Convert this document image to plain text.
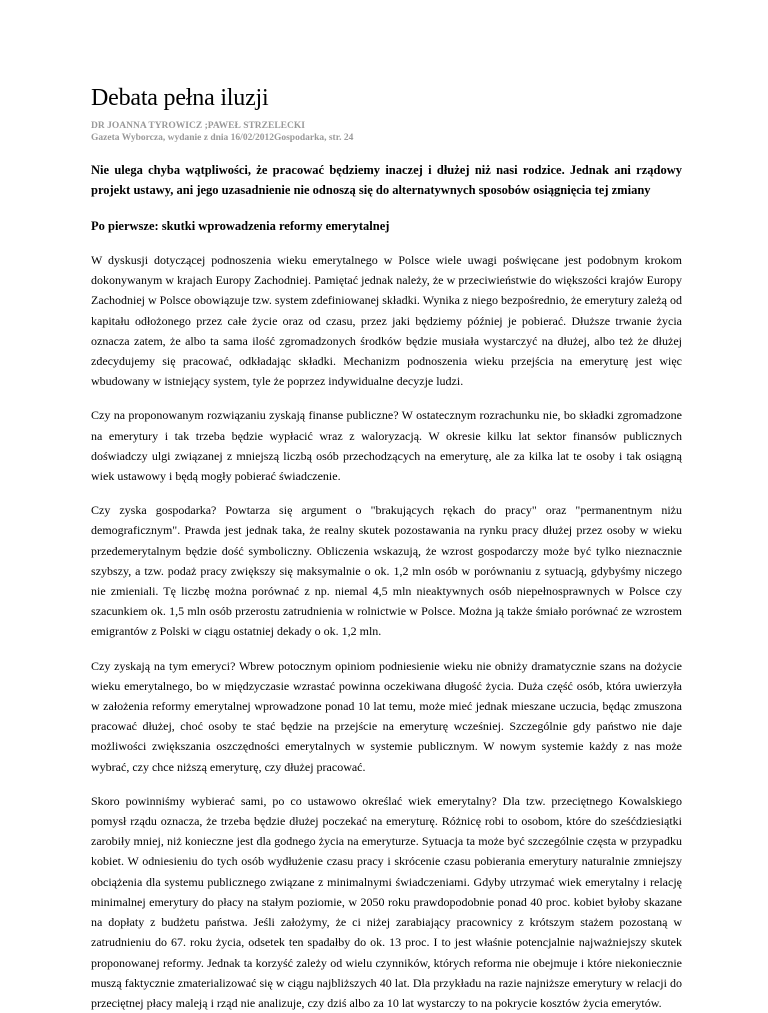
Debata pełna iluzji

DR JOANNA TYROWICZ ;PAWEŁ STRZELECKI

Gazeta Wyborcza, wydanie z dnia 16/02/2012Gospodarka, str. 24

Nie ulega chyba wątpliwości, że pracować będziemy inaczej i dłużej niż nasi rodzice. Jednak ani rządowy projekt ustawy, ani jego uzasadnienie nie odnoszą się do alternatywnych sposobów osiągnięcia tej zmiany

Po pierwsze: skutki wprowadzenia reformy emerytalnej

W dyskusji dotyczącej podnoszenia wieku emerytalnego w Polsce wiele uwagi poświęcane jest podobnym krokom dokonywanym w krajach Europy Zachodniej. Pamiętać jednak należy, że w przeciwieństwie do większości krajów Europy Zachodniej w Polsce obowiązuje tzw. system zdefiniowanej składki. Wynika z niego bezpośrednio, że emerytury zależą od kapitału odłożonego przez całe życie oraz od czasu, przez jaki będziemy później je pobierać. Dłuższe trwanie życia oznacza zatem, że albo ta sama ilość zgromadzonych środków będzie musiała wystarczyć na dłużej, albo też że dłużej zdecydujemy się pracować, odkładając składki. Mechanizm podnoszenia wieku przejścia na emeryturę jest więc wbudowany w istniejący system, tyle że poprzez indywidualne decyzje ludzi.

Czy na proponowanym rozwiązaniu zyskają finanse publiczne? W ostatecznym rozrachunku nie, bo składki zgromadzone na emerytury i tak trzeba będzie wypłacić wraz z waloryzacją. W okresie kilku lat sektor finansów publicznych doświadczy ulgi związanej z mniejszą liczbą osób przechodzących na emeryturę, ale za kilka lat te osoby i tak osiągną wiek ustawowy i będą mogły pobierać świadczenie.

Czy zyska gospodarka? Powtarza się argument o "brakujących rękach do pracy" oraz "permanentnym niżu demograficznym". Prawda jest jednak taka, że realny skutek pozostawania na rynku pracy dłużej przez osoby w wieku przedemerytalnym będzie dość symboliczny. Obliczenia wskazują, że wzrost gospodarczy może być tylko nieznacznie szybszy, a tzw. podaż pracy zwiększy się maksymalnie o ok. 1,2 mln osób w porównaniu z sytuacją, gdybyśmy niczego nie zmieniali. Tę liczbę można porównać z np. niemal 4,5 mln nieaktywnych osób niepełnosprawnych w Polsce czy szacunkiem ok. 1,5 mln osób przerostu zatrudnienia w rolnictwie w Polsce. Można ją także śmiało porównać ze wzrostem emigrantów z Polski w ciągu ostatniej dekady o ok. 1,2 mln.

Czy zyskają na tym emeryci? Wbrew potocznym opiniom podniesienie wieku nie obniży dramatycznie szans na dożycie wieku emerytalnego, bo w międzyczasie wzrastać powinna oczekiwana długość życia. Duża część osób, która uwierzyła w założenia reformy emerytalnej wprowadzone ponad 10 lat temu, może mieć jednak mieszane uczucia, będąc zmuszona pracować dłużej, choć osoby te stać będzie na przejście na emeryturę wcześniej. Szczególnie gdy państwo nie daje możliwości zwiększania oszczędności emerytalnych w systemie publicznym. W nowym systemie każdy z nas może wybrać, czy chce niższą emeryturę, czy dłużej pracować.

Skoro powinniśmy wybierać sami, po co ustawowo określać wiek emerytalny? Dla tzw. przeciętnego Kowalskiego pomysł rządu oznacza, że trzeba będzie dłużej poczekać na emeryturę. Różnicę robi to osobom, które do sześćdziesiątki zarobiły mniej, niż konieczne jest dla godnego życia na emeryturze. Sytuacja ta może być szczególnie częsta w przypadku kobiet. W odniesieniu do tych osób wydłużenie czasu pracy i skrócenie czasu pobierania emerytury naturalnie zmniejszy obciążenia dla systemu publicznego związane z minimalnymi świadczeniami. Gdyby utrzymać wiek emerytalny i relację minimalnej emerytury do płacy na stałym poziomie, w 2050 roku prawdopodobnie ponad 40 proc. kobiet byłoby skazane na dopłaty z budżetu państwa. Jeśli założymy, że ci niżej zarabiający pracownicy z krótszym stażem pozostaną w zatrudnieniu do 67. roku życia, odsetek ten spadałby do ok. 13 proc. I to jest właśnie potencjalnie najważniejszy skutek proponowanej reformy. Jednak ta korzyść zależy od wielu czynników, których reforma nie obejmuje i które niekoniecznie muszą faktycznie zmaterializować się w ciągu najbliższych 40 lat. Dla przykładu na razie najniższe emerytury w relacji do przeciętnej płacy maleją i rząd nie analizuje, czy dziś albo za 10 lat wystarczy to na pokrycie kosztów życia emerytów.
